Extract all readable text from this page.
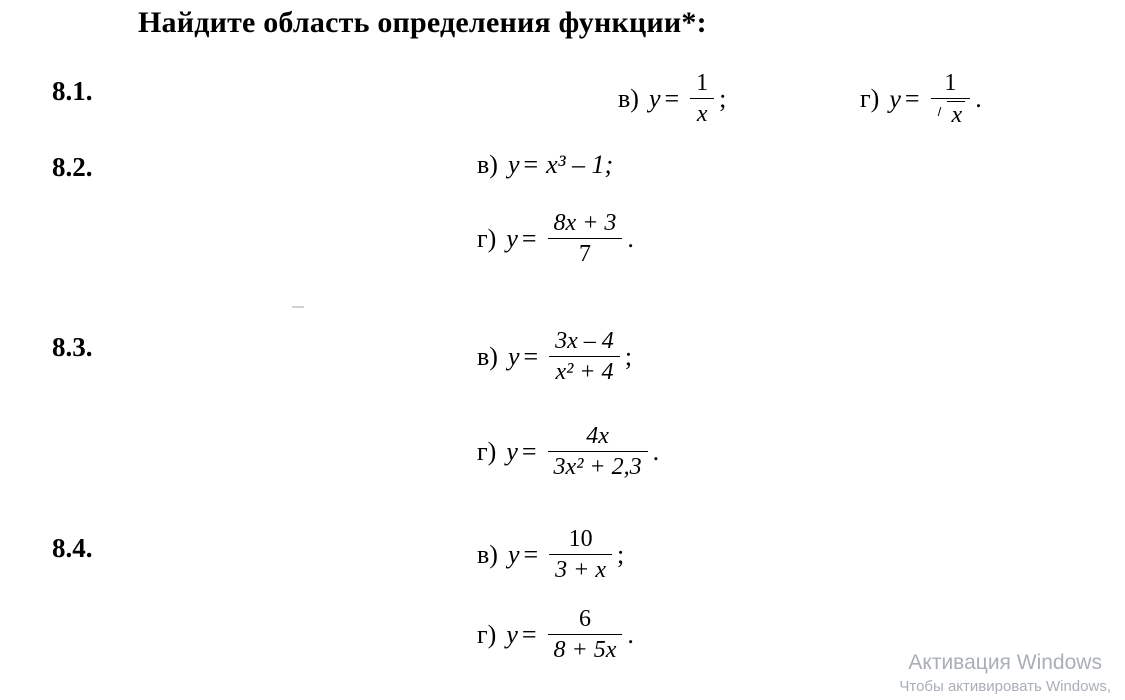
Найдите область определения функции*:
8.1.	в) $y = \frac{1}{x}$ ;	г) $y = \frac{1}{x}$ .
8.2.	в) y = x³ – 1;
г) $y = \frac{8x + 3}{7}$ .
8.3.	в) $y = \frac{3x - 4}{\text{x² + 4}}$ ;
г) $y = \frac{4x}{\text{3x² + 2,3}}$ .
8.4.	в) $y = \frac{10}{3 + x}$ ;
г) $y = \frac{6}{8 + 5x}$ .
Активация Windows
Чтобы активировать Windows,
